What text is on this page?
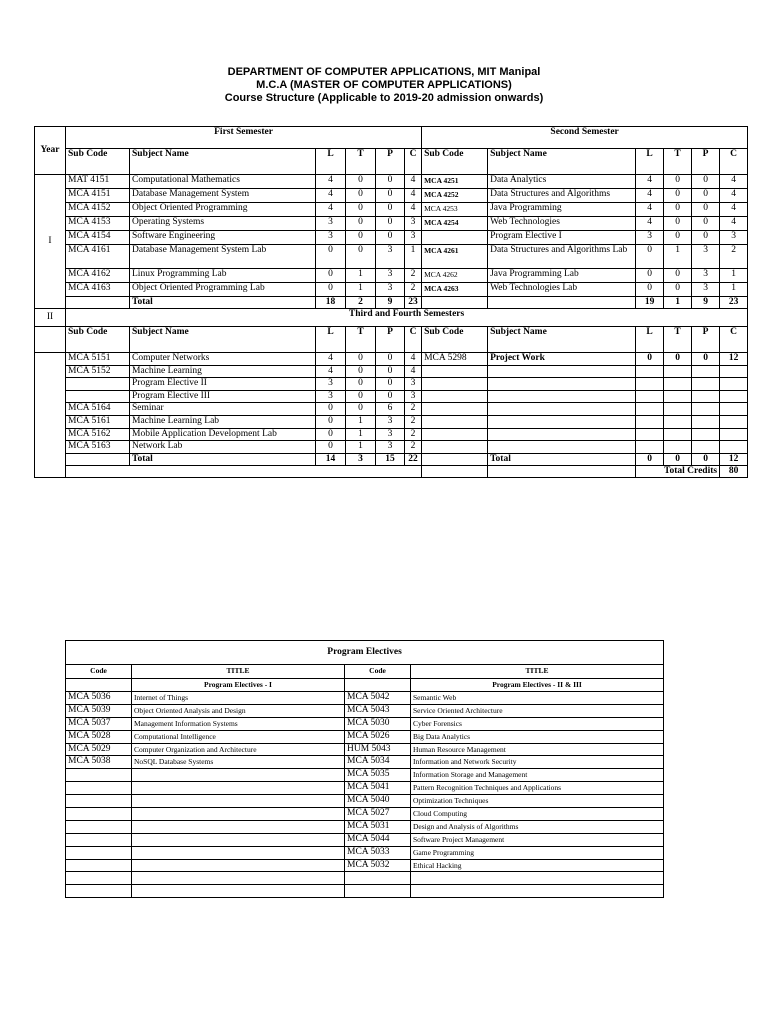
DEPARTMENT OF COMPUTER APPLICATIONS, MIT Manipal
M.C.A (MASTER OF COMPUTER APPLICATIONS)
Course Structure (Applicable to 2019-20 admission onwards)
Year	First Semester						Second Semester					
	Sub Code	Subject Name	L	T	P	C	Sub Code	Subject Name	L	T	P	C
I	MAT 4151	Computational Mathematics	4	0	0	4	MCA 4251	Data Analytics	4	0	0	4
	MCA 4151	Database Management System	4	0	0	4	MCA 4252	Data Structures and Algorithms	4	0	0	4
	MCA 4152	Object Oriented Programming	4	0	0	4	MCA 4253	Java Programming	4	0	0	4
	MCA 4153	Operating Systems	3	0	0	3	MCA 4254	Web Technologies	4	0	0	4
	MCA 4154	Software Engineering	3	0	0	3		Program Elective I	3	0	0	3
	MCA 4161	Database Management System Lab	0	0	3	1	MCA 4261	Data Structures and Algorithms Lab	0	1	3	2
	MCA 4162	Linux Programming Lab	0	1	3	2	MCA 4262	Java Programming Lab	0	0	3	1
	MCA 4163	Object Oriented Programming Lab	0	1	3	2	MCA 4263	Web Technologies Lab	0	0	3	1
		Total	18	2	9	23			19	1	9	23
II	Third and Fourth Semesters											
	Sub Code	Subject Name	L	T	P	C	Sub Code	Subject Name	L	T	P	C
	MCA 5151	Computer Networks	4	0	0	4	MCA 5298	Project Work	0	0	0	12
	MCA 5152	Machine Learning	4	0	0	4						
		Program Elective II	3	0	0	3						
		Program Elective III	3	0	0	3						
	MCA 5164	Seminar	0	0	6	2						
	MCA 5161	Machine Learning Lab	0	1	3	2						
	MCA 5162	Mobile Application Development Lab	0	1	3	2						
	MCA 5163	Network Lab	0	1	3	2						
		Total	14	3	15	22		Total	0	0	0	12
									Total Credits			80
Program Electives			
Code	TITLE	Code	TITLE
	Program Electives - I		Program Electives - II & III
MCA 5036	Internet of Things	MCA 5042	Semantic Web
MCA 5039	Object Oriented Analysis and Design	MCA 5043	Service Oriented Architecture
MCA 5037	Management Information Systems	MCA 5030	Cyber Forensics
MCA 5028	Computational Intelligence	MCA 5026	Big Data Analytics
MCA 5029	Computer Organization and Architecture	HUM 5043	Human Resource Management
MCA 5038	NoSQL Database Systems	MCA 5034	Information and Network Security
		MCA 5035	Information Storage and Management
		MCA 5041	Pattern Recognition Techniques and Applications
		MCA 5040	Optimization Techniques
		MCA 5027	Cloud Computing
		MCA 5031	Design and Analysis of Algorithms
		MCA 5044	Software Project Management
		MCA 5033	Game Programming
		MCA 5032	Ethical Hacking
